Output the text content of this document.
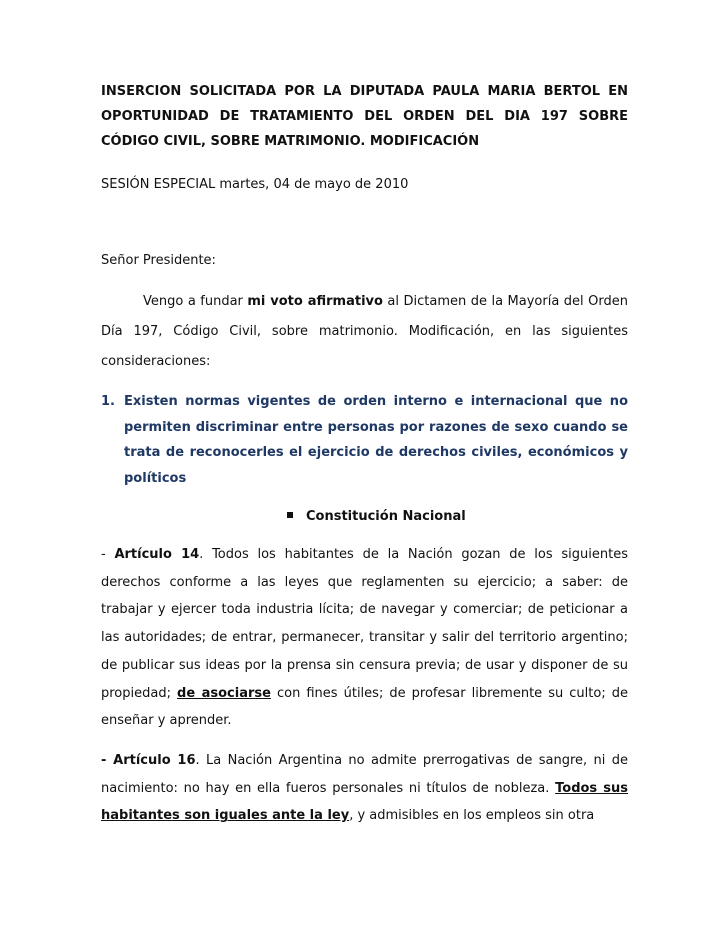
INSERCION SOLICITADA POR LA DIPUTADA PAULA MARIA BERTOL EN

OPORTUNIDAD DE TRATAMIENTO DEL ORDEN DEL DIA 197 SOBRE

CÓDIGO CIVIL, SOBRE MATRIMONIO. MODIFICACIÓN

SESIÓN ESPECIAL martes, 04 de mayo de 2010

Señor Presidente:

Vengo a fundar mi voto afirmativo al Dictamen de la Mayoría del Orden Día 197, Código Civil, sobre matrimonio. Modificación, en las siguientes consideraciones:

1. Existen normas vigentes de orden interno e internacional que no permiten discriminar entre personas por razones de sexo cuando se trata de reconocerles el ejercicio de derechos civiles, económicos y políticos

Constitución Nacional

- Artículo 14. Todos los habitantes de la Nación gozan de los siguientes derechos conforme a las leyes que reglamenten su ejercicio; a saber: de trabajar y ejercer toda industria lícita; de navegar y comerciar; de peticionar a las autoridades; de entrar, permanecer, transitar y salir del territorio argentino; de publicar sus ideas por la prensa sin censura previa; de usar y disponer de su propiedad; de asociarse con fines útiles; de profesar libremente su culto; de enseñar y aprender.

- Artículo 16. La Nación Argentina no admite prerrogativas de sangre, ni de nacimiento: no hay en ella fueros personales ni títulos de nobleza. Todos sus habitantes son iguales ante la ley, y admisibles en los empleos sin otra
